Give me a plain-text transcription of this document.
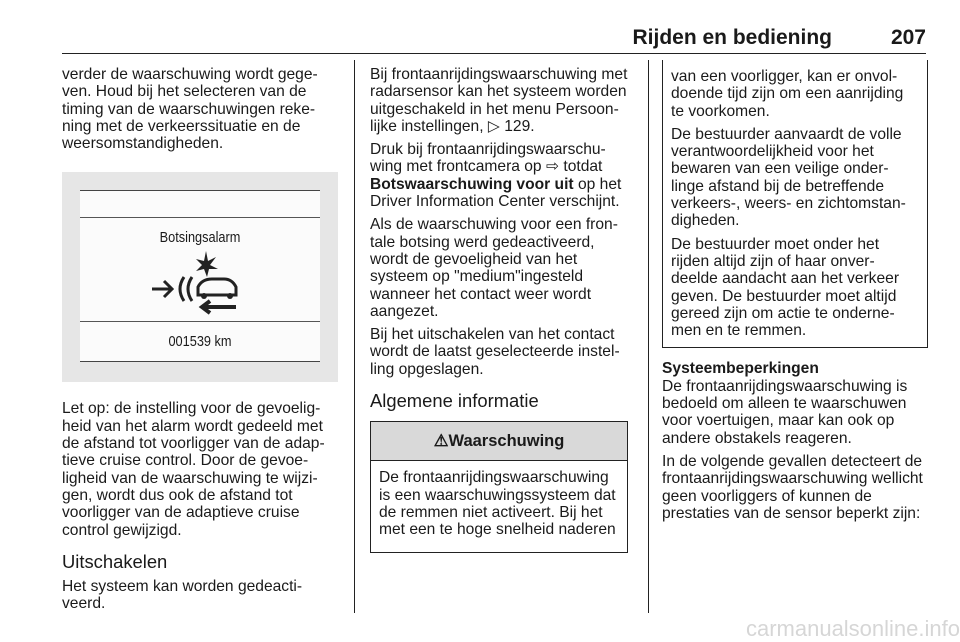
Rijden en bediening	207

verder de waarschuwing wordt gege-ven. Houd bij het selecteren van de timing van de waarschuwingen reke-ning met de verkeerssituatie en de weersomstandigheden.

Botsingsalarm
001539 km

Let op: de instelling voor de gevoelig-heid van het alarm wordt gedeeld met de afstand tot voorligger van de adap-tieve cruise control. Door de gevoe-ligheid van de waarschuwing te wijzi-gen, wordt dus ook de afstand tot voorligger van de adaptieve cruise control gewijzigd.

Uitschakelen

Het systeem kan worden gedeacti-veerd.

Bij frontaanrijdingswaarschuwing met radarsensor kan het systeem worden uitgeschakeld in het menu Persoon-lijke instellingen, ▷ 129.

Druk bij frontaanrijdingswaarschu-wing met frontcamera op ⇨ totdat Botswaarschuwing voor uit op het Driver Information Center verschijnt.

Als de waarschuwing voor een fron-tale botsing werd gedeactiveerd, wordt de gevoeligheid van het systeem op "medium"ingesteld wanneer het contact weer wordt aangezet.

Bij het uitschakelen van het contact wordt de laatst geselecteerde instel-ling opgeslagen.

Algemene informatie
⚠ Waarschuwing
De frontaanrijdingswaarschuwing is een waarschuwingssysteem dat de remmen niet activeert. Bij het met een te hoge snelheid naderen

van een voorligger, kan er onvol-doende tijd zijn om een aanrijding te voorkomen.

De bestuurder aanvaardt de volle verantwoordelijkheid voor het bewaren van een veilige onder-linge afstand bij de betreffende verkeers-, weers- en zichtomstan-digheden.

De bestuurder moet onder het rijden altijd zijn of haar onver-deelde aandacht aan het verkeer geven. De bestuurder moet altijd gereed zijn om actie te onderne-men en te remmen.

Systeembeperkingen

De frontaanrijdingswaarschuwing is bedoeld om alleen te waarschuwen voor voertuigen, maar kan ook op andere obstakels reageren.

In de volgende gevallen detecteert de frontaanrijdingswaarschuwing wellicht geen voorliggers of kunnen de prestaties van de sensor beperkt zijn:

carmanualsonline.info
